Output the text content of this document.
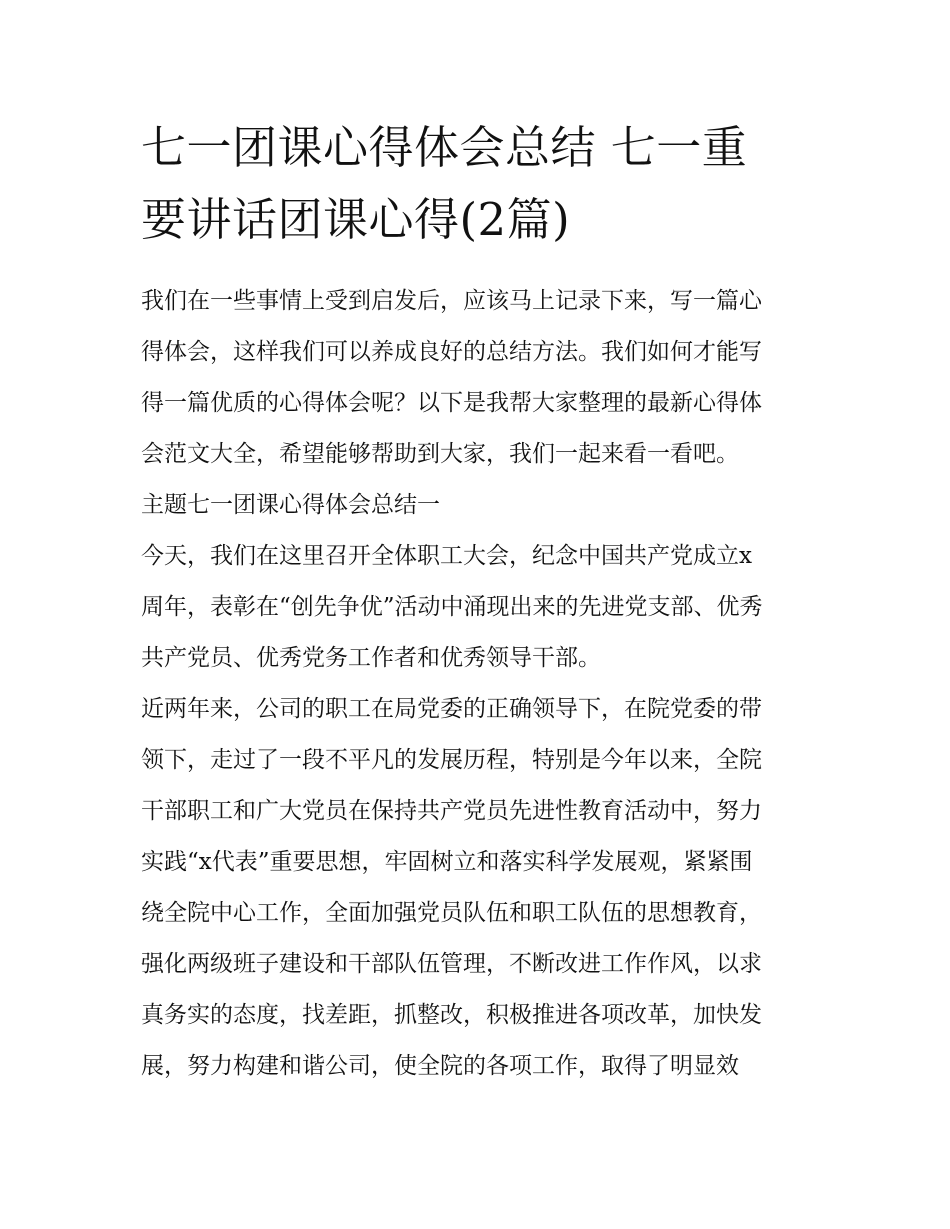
七一团课心得体会总结 七一重
要讲话团课心得(2篇)

我们在一些事情上受到启发后，应该马上记录下来，写一篇心
得体会，这样我们可以养成良好的总结方法。我们如何才能写
得一篇优质的心得体会呢？以下是我帮大家整理的最新心得体
会范文大全，希望能够帮助到大家，我们一起来看一看吧。

主题七一团课心得体会总结一

今天，我们在这里召开全体职工大会，纪念中国共产党成立x
周年，表彰在“创先争优”活动中涌现出来的先进党支部、优秀
共产党员、优秀党务工作者和优秀领导干部。

近两年来，公司的职工在局党委的正确领导下，在院党委的带
领下，走过了一段不平凡的发展历程，特别是今年以来，全院
干部职工和广大党员在保持共产党员先进性教育活动中，努力
实践“x代表”重要思想，牢固树立和落实科学发展观，紧紧围
绕全院中心工作，全面加强党员队伍和职工队伍的思想教育，
强化两级班子建设和干部队伍管理，不断改进工作作风，以求
真务实的态度，找差距，抓整改，积极推进各项改革，加快发
展，努力构建和谐公司，使全院的各项工作，取得了明显效
